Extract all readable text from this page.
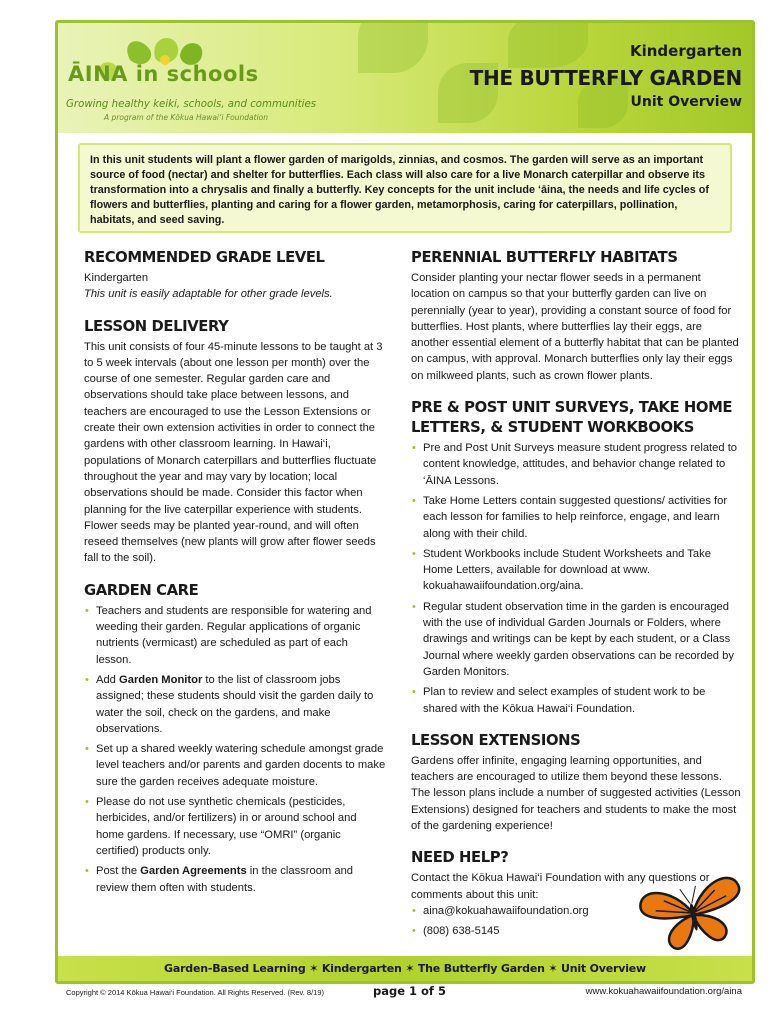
ĀINA in schools
Growing healthy keiki, schools, and communities
A program of the Kōkua Hawai‘i Foundation
Kindergarten
THE BUTTERFLY GARDEN
Unit Overview
In this unit students will plant a flower garden of marigolds, zinnias, and cosmos. The garden will serve as an important source of food (nectar) and shelter for butterflies. Each class will also care for a live Monarch caterpillar and observe its transformation into a chrysalis and finally a butterfly. Key concepts for the unit include ‘āina, the needs and life cycles of flowers and butterflies, planting and caring for a flower garden, metamorphosis, caring for caterpillars, pollination, habitats, and seed saving.
RECOMMENDED GRADE LEVEL
Kindergarten
This unit is easily adaptable for other grade levels.
LESSON DELIVERY
This unit consists of four 45-minute lessons to be taught at 3 to 5 week intervals (about one lesson per month) over the course of one semester. Regular garden care and observations should take place between lessons, and teachers are encouraged to use the Lesson Extensions or create their own extension activities in order to connect the gardens with other classroom learning. In Hawai‘i, populations of Monarch caterpillars and butterflies fluctuate throughout the year and may vary by location; local observations should be made. Consider this factor when planning for the live caterpillar experience with students. Flower seeds may be planted year-round, and will often reseed themselves (new plants will grow after flower seeds fall to the soil).
GARDEN CARE
• Teachers and students are responsible for watering and weeding their garden. Regular applications of organic nutrients (vermicast) are scheduled as part of each lesson.
• Add Garden Monitor to the list of classroom jobs assigned; these students should visit the garden daily to water the soil, check on the gardens, and make observations.
• Set up a shared weekly watering schedule amongst grade level teachers and/or parents and garden docents to make sure the garden receives adequate moisture.
• Please do not use synthetic chemicals (pesticides, herbicides, and/or fertilizers) in or around school and home gardens. If necessary, use “OMRI” (organic certified) products only.
• Post the Garden Agreements in the classroom and review them often with students.
PERENNIAL BUTTERFLY HABITATS
Consider planting your nectar flower seeds in a permanent location on campus so that your butterfly garden can live on perennially (year to year), providing a constant source of food for butterflies. Host plants, where butterflies lay their eggs, are another essential element of a butterfly habitat that can be planted on campus, with approval. Monarch butterflies only lay their eggs on milkweed plants, such as crown flower plants.
PRE & POST UNIT SURVEYS, TAKE HOME LETTERS, & STUDENT WORKBOOKS
• Pre and Post Unit Surveys measure student progress related to content knowledge, attitudes, and behavior change related to ‘ĀINA Lessons.
• Take Home Letters contain suggested questions/ activities for each lesson for families to help reinforce, engage, and learn along with their child.
• Student Workbooks include Student Worksheets and Take Home Letters, available for download at www. kokuahawaiifoundation.org/aina.
• Regular student observation time in the garden is encouraged with the use of individual Garden Journals or Folders, where drawings and writings can be kept by each student, or a Class Journal where weekly garden observations can be recorded by Garden Monitors.
• Plan to review and select examples of student work to be shared with the Kōkua Hawai‘i Foundation.
LESSON EXTENSIONS
Gardens offer infinite, engaging learning opportunities, and teachers are encouraged to utilize them beyond these lessons. The lesson plans include a number of suggested activities (Lesson Extensions) designed for teachers and students to make the most of the gardening experience!
NEED HELP?
Contact the Kōkua Hawai‘i Foundation with any questions or comments about this unit:
• aina@kokuahawaiifoundation.org
• (808) 638-5145
Garden-Based Learning ✶ Kindergarten ✶ The Butterfly Garden ✶ Unit Overview
Copyright © 2014 Kōkua Hawai‘i Foundation. All Rights Reserved. (Rev. 8/19)	page 1 of 5	www.kokuahawaiifoundation.org/aina
